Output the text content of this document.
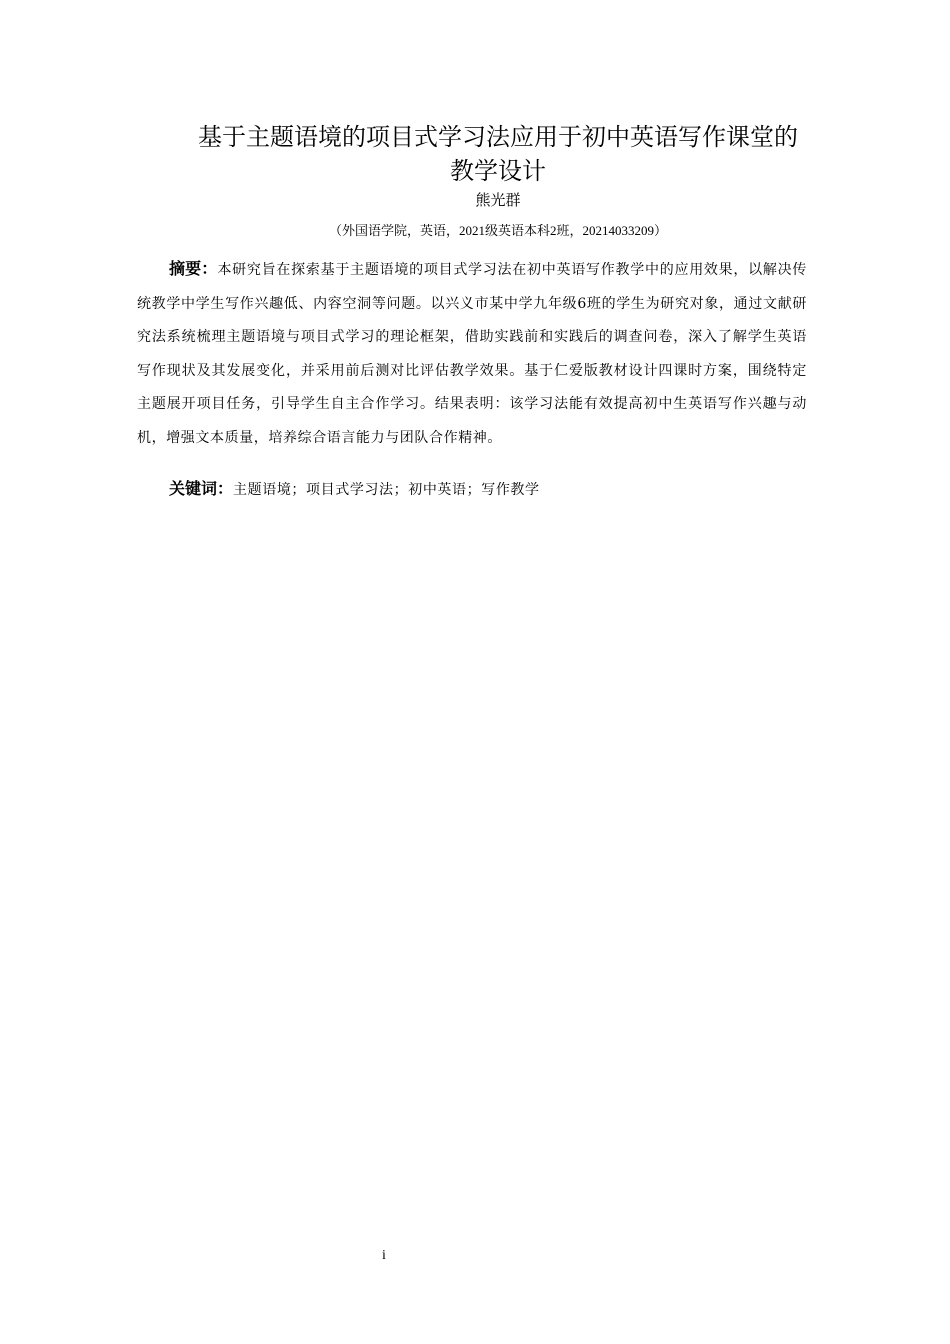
基于主题语境的项目式学习法应用于初中英语写作课堂的
教学设计
熊光群
（外国语学院，英语，2021级英语本科2班，20214033209）

摘要：本研究旨在探索基于主题语境的项目式学习法在初中英语写作教学中的应用效果，以解决传统教学中学生写作兴趣低、内容空洞等问题。以兴义市某中学九年级6班的学生为研究对象，通过文献研究法系统梳理主题语境与项目式学习的理论框架，借助实践前和实践后的调查问卷，深入了解学生英语写作现状及其发展变化，并采用前后测对比评估教学效果。基于仁爱版教材设计四课时方案，围绕特定主题展开项目任务，引导学生自主合作学习。结果表明：该学习法能有效提高初中生英语写作兴趣与动机，增强文本质量，培养综合语言能力与团队合作精神。

关键词：主题语境；项目式学习法；初中英语；写作教学
i
